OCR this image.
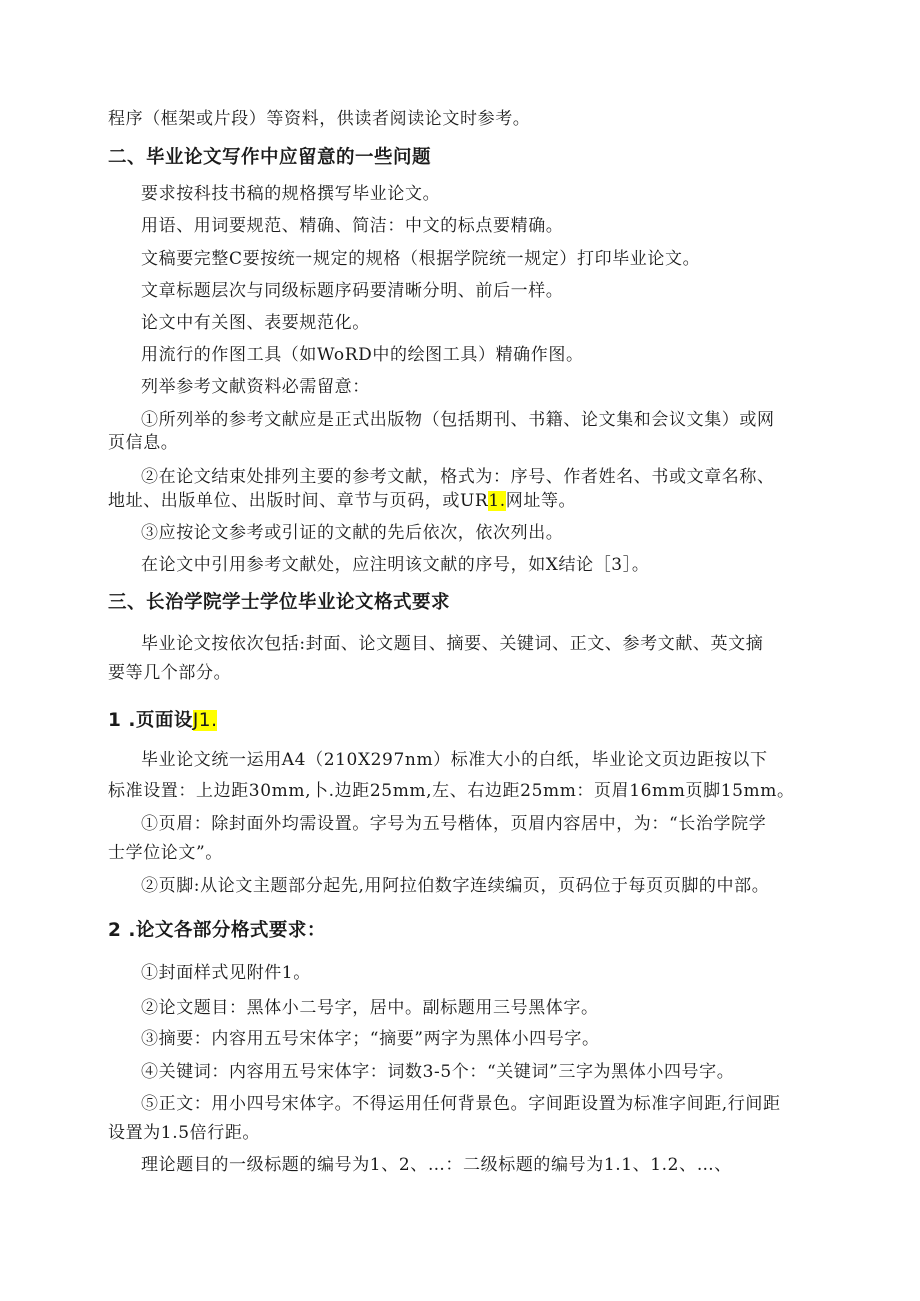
程序（框架或片段）等资料，供读者阅读论文时参考。
二、毕业论文写作中应留意的一些问题
要求按科技书稿的规格撰写毕业论文。
用语、用词要规范、精确、简洁：中文的标点要精确。
文稿要完整C要按统一规定的规格（根据学院统一规定）打印毕业论文。
文章标题层次与同级标题序码要清晰分明、前后一样。
论文中有关图、表要规范化。
用流行的作图工具（如WoRD中的绘图工具）精确作图。
列举参考文献资料必需留意：
①所列举的参考文献应是正式出版物（包括期刊、书籍、论文集和会议文集）或网
页信息。
②在论文结束处排列主要的参考文献，格式为：序号、作者姓名、书或文章名称、
地址、出版单位、出版时间、章节与页码，或UR1.网址等。
③应按论文参考或引证的文献的先后依次，依次列出。
在论文中引用参考文献处，应注明该文献的序号，如X结论［3］。
三、长治学院学士学位毕业论文格式要求
毕业论文按依次包括:封面、论文题目、摘要、关键词、正文、参考文献、英文摘
要等几个部分。
1 .页面设J1.
毕业论文统一运用A4（210X297nm）标准大小的白纸，毕业论文页边距按以下
标准设置：上边距30mm,卜.边距25mm,左、右边距25mm：页眉16mm页脚15mm。
①页眉：除封面外均需设置。字号为五号楷体，页眉内容居中，为：“长治学院学
士学位论文”。
②页脚:从论文主题部分起先,用阿拉伯数字连续编页，页码位于每页页脚的中部。
2 .论文各部分格式要求：
①封面样式见附件1。
②论文题目：黑体小二号字，居中。副标题用三号黑体字。
③摘要：内容用五号宋体字；“摘要”两字为黑体小四号字。
④关键词：内容用五号宋体字：词数3-5个：“关键词”三字为黑体小四号字。
⑤正文：用小四号宋体字。不得运用任何背景色。字间距设置为标准字间距,行间距
设置为1.5倍行距。
理论题目的一级标题的编号为1、2、…：二级标题的编号为1.1、1.2、…、
